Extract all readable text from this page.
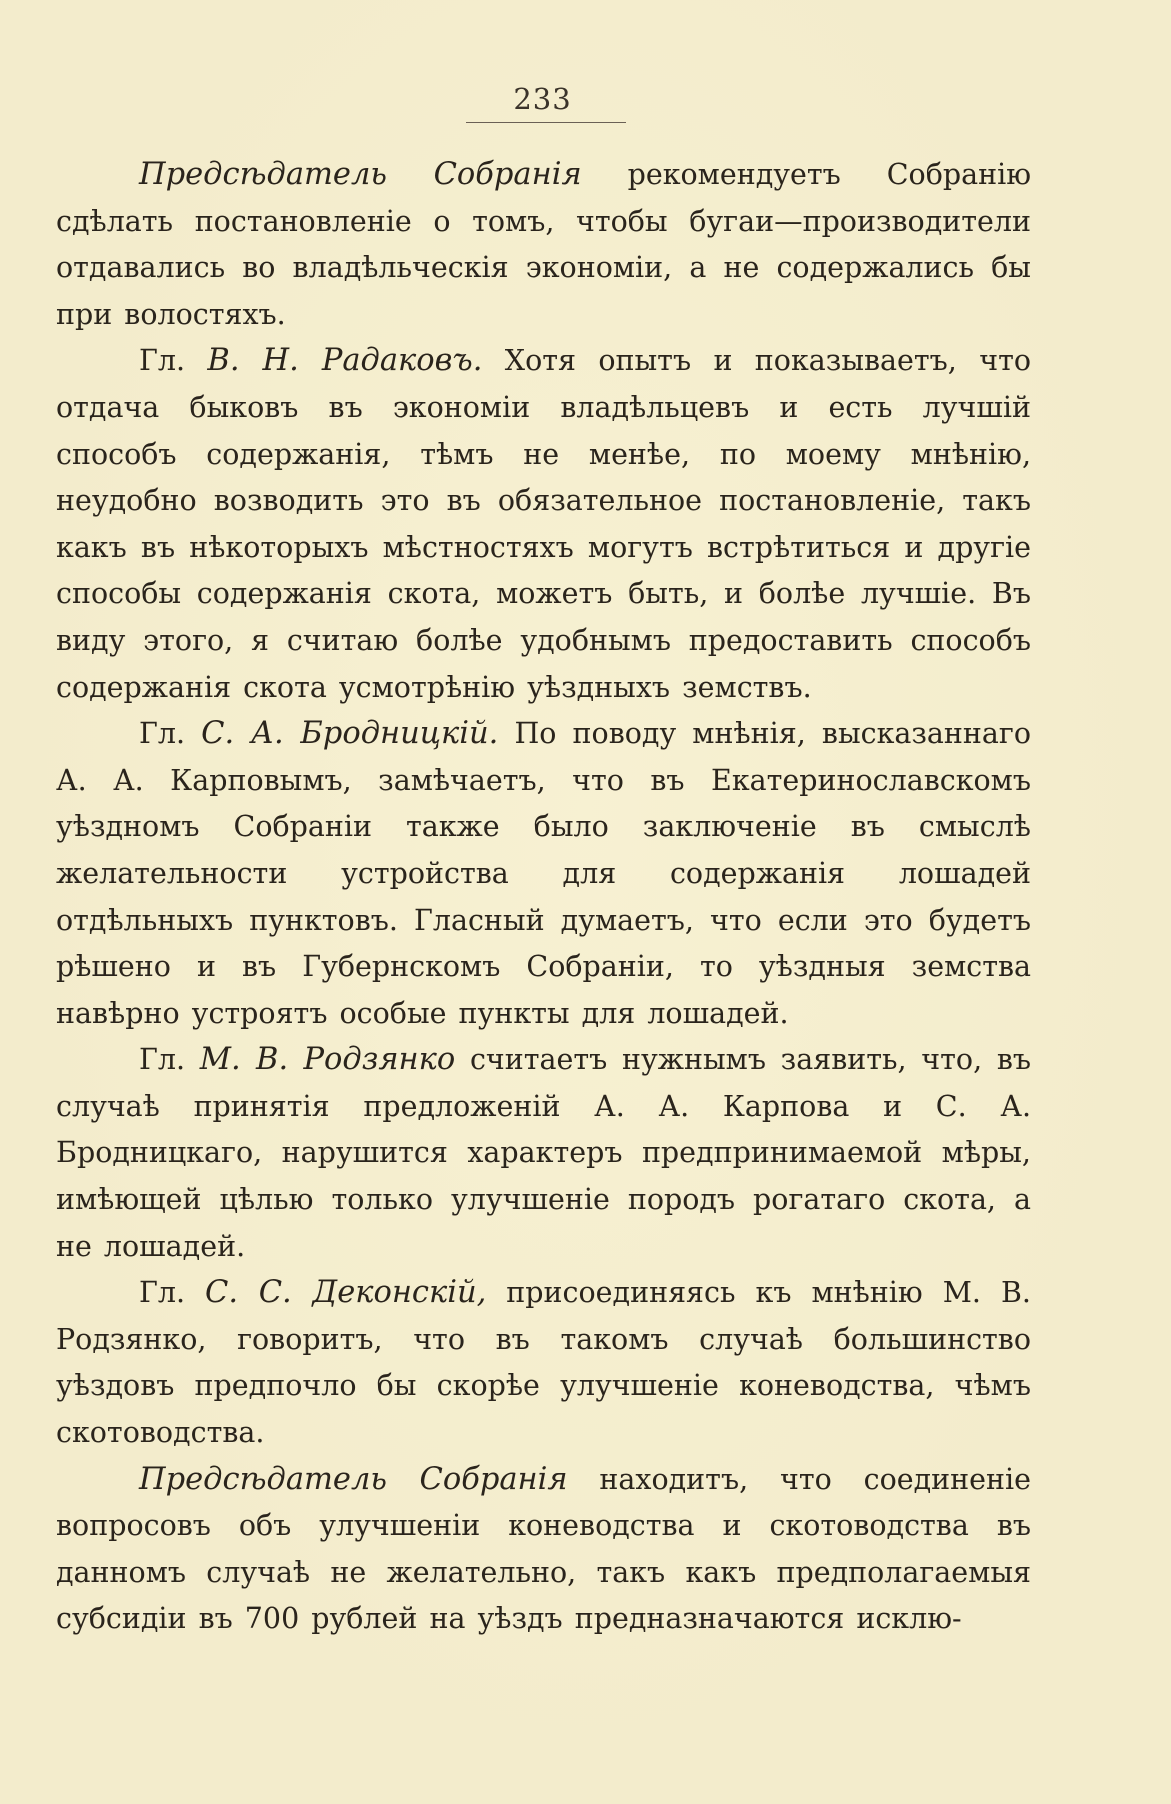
233

Предсѣдатель Собранія рекомендуетъ Собранію сдѣлать постановленіе о томъ, чтобы бугаи—производители отдавались во владѣльческія экономіи, а не содержались бы при волостяхъ.

Гл. В. Н. Радаковъ. Хотя опытъ и показываетъ, что отдача быковъ въ экономіи владѣльцевъ и есть лучшій способъ содержанія, тѣмъ не менѣе, по моему мнѣнію, неудобно возводить это въ обязательное постановленіе, такъ какъ въ нѣкоторыхъ мѣстностяхъ могутъ встрѣтиться и другіе способы содержанія скота, можетъ быть, и болѣе лучшіе. Въ виду этого, я считаю болѣе удобнымъ предоставить способъ содержанія скота усмотрѣнію уѣздныхъ земствъ.

Гл. С. А. Бродницкій. По поводу мнѣнія, высказаннаго А. А. Карповымъ, замѣчаетъ, что въ Екатеринославскомъ уѣздномъ Собраніи также было заключеніе въ смыслѣ желательности устройства для содержанія лошадей отдѣльныхъ пунктовъ. Гласный думаетъ, что если это будетъ рѣшено и въ Губернскомъ Собраніи, то уѣздныя земства навѣрно устроятъ особые пункты для лошадей.

Гл. М. В. Родзянко считаетъ нужнымъ заявить, что, въ случаѣ принятія предложеній А. А. Карпова и С. А. Бродницкаго, нарушится характеръ предпринимаемой мѣры, имѣющей цѣлью только улучшеніе породъ рогатаго скота, а не лошадей.

Гл. С. С. Деконскій, присоединяясь къ мнѣнію М. В. Родзянко, говоритъ, что въ такомъ случаѣ большинство уѣздовъ предпочло бы скорѣе улучшеніе коневодства, чѣмъ скотоводства.

Предсѣдатель Собранія находитъ, что соединеніе вопросовъ объ улучшеніи коневодства и скотоводства въ данномъ случаѣ не желательно, такъ какъ предполагаемыя субсидіи въ 700 рублей на уѣздъ предназначаются исклю-
